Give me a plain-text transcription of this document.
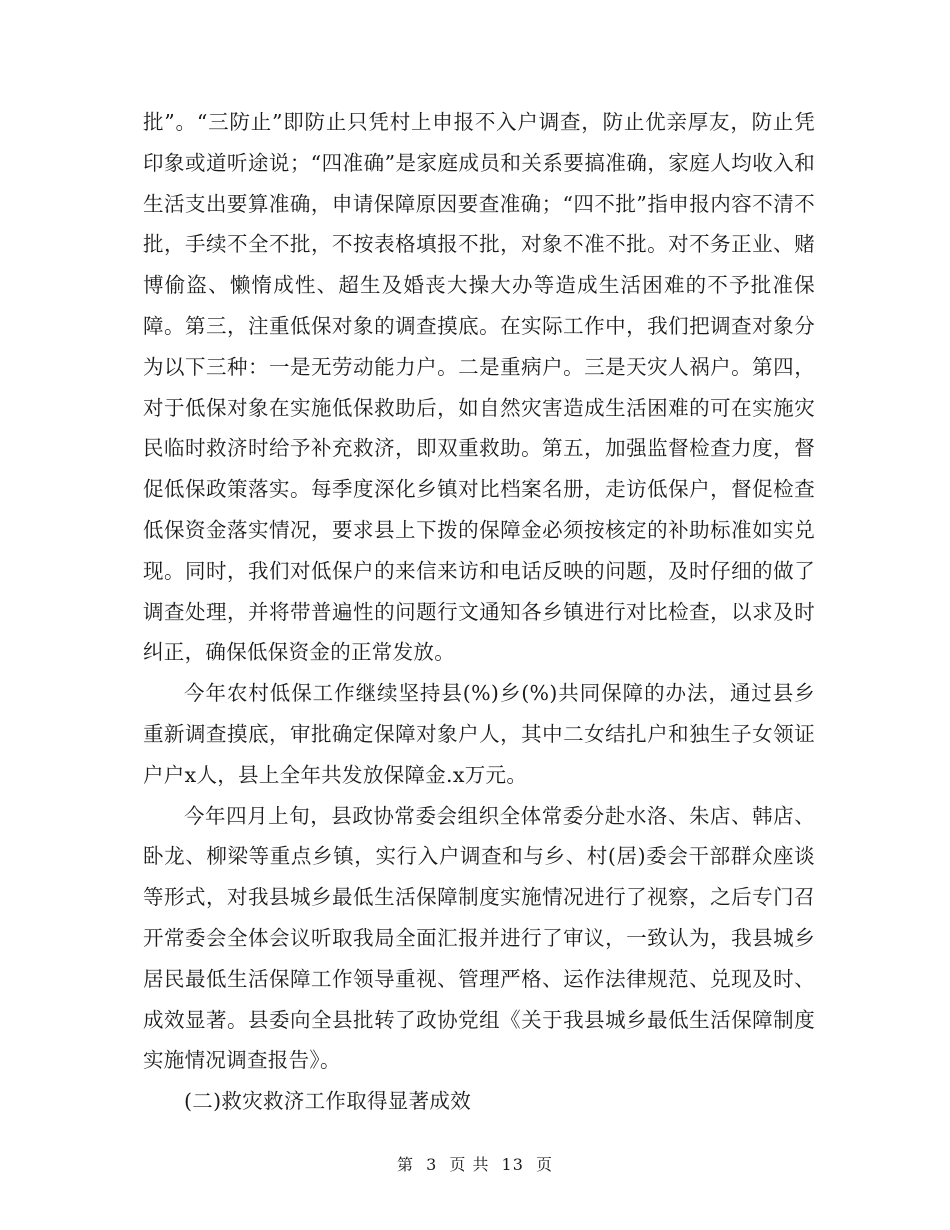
批”。“三防止”即防止只凭村上申报不入户调查，防止优亲厚友，防止凭印象或道听途说；“四准确”是家庭成员和关系要搞准确，家庭人均收入和生活支出要算准确，申请保障原因要查准确；“四不批”指申报内容不清不批，手续不全不批，不按表格填报不批，对象不准不批。对不务正业、赌博偷盗、懒惰成性、超生及婚丧大操大办等造成生活困难的不予批准保障。第三，注重低保对象的调查摸底。在实际工作中，我们把调查对象分为以下三种：一是无劳动能力户。二是重病户。三是天灾人祸户。第四，对于低保对象在实施低保救助后，如自然灾害造成生活困难的可在实施灾民临时救济时给予补充救济，即双重救助。第五，加强监督检查力度，督促低保政策落实。每季度深化乡镇对比档案名册，走访低保户，督促检查低保资金落实情况，要求县上下拨的保障金必须按核定的补助标准如实兑现。同时，我们对低保户的来信来访和电话反映的问题，及时仔细的做了调查处理，并将带普遍性的问题行文通知各乡镇进行对比检查，以求及时纠正，确保低保资金的正常发放。

今年农村低保工作继续坚持县(%)乡(%)共同保障的办法，通过县乡重新调查摸底，审批确定保障对象户人，其中二女结扎户和独生子女领证户户x人，县上全年共发放保障金.x万元。

今年四月上旬，县政协常委会组织全体常委分赴水洛、朱店、韩店、卧龙、柳梁等重点乡镇，实行入户调查和与乡、村(居)委会干部群众座谈等形式，对我县城乡最低生活保障制度实施情况进行了视察，之后专门召开常委会全体会议听取我局全面汇报并进行了审议，一致认为，我县城乡居民最低生活保障工作领导重视、管理严格、运作法律规范、兑现及时、成效显著。县委向全县批转了政协党组《关于我县城乡最低生活保障制度实施情况调查报告》。

(二)救灾救济工作取得显著成效

第 3 页 共 13 页
